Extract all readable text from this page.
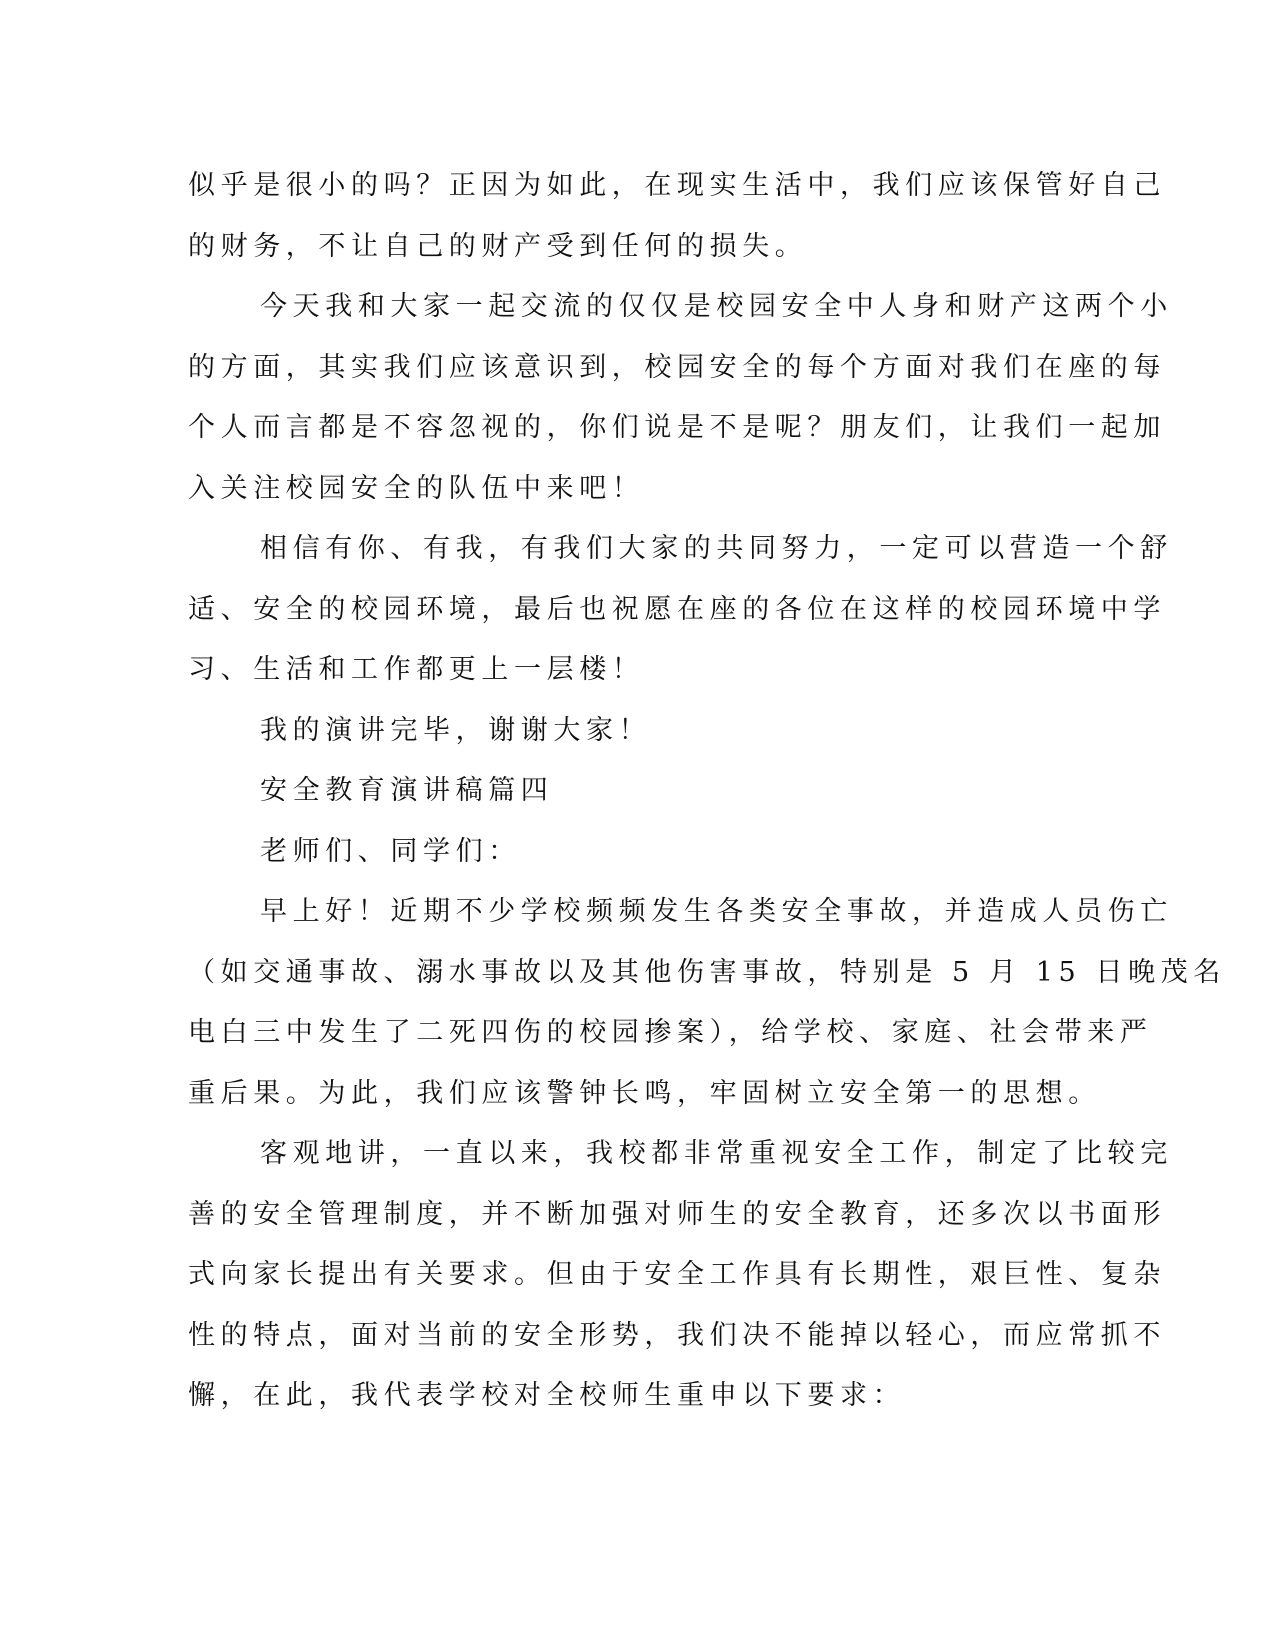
似乎是很小的吗？正因为如此，在现实生活中，我们应该保管好自己
的财务，不让自己的财产受到任何的损失。
今天我和大家一起交流的仅仅是校园安全中人身和财产这两个小
的方面，其实我们应该意识到，校园安全的每个方面对我们在座的每
个人而言都是不容忽视的，你们说是不是呢？朋友们，让我们一起加
入关注校园安全的队伍中来吧！
相信有你、有我，有我们大家的共同努力，一定可以营造一个舒
适、安全的校园环境，最后也祝愿在座的各位在这样的校园环境中学
习、生活和工作都更上一层楼！
我的演讲完毕，谢谢大家！
安全教育演讲稿篇四
老师们、同学们：
早上好！近期不少学校频频发生各类安全事故，并造成人员伤亡
（如交通事故、溺水事故以及其他伤害事故，特别是 5 月 15 日晚茂名
电白三中发生了二死四伤的校园掺案），给学校、家庭、社会带来严
重后果。为此，我们应该警钟长鸣，牢固树立安全第一的思想。
客观地讲，一直以来，我校都非常重视安全工作，制定了比较完
善的安全管理制度，并不断加强对师生的安全教育，还多次以书面形
式向家长提出有关要求。但由于安全工作具有长期性，艰巨性、复杂
性的特点，面对当前的安全形势，我们决不能掉以轻心，而应常抓不
懈，在此，我代表学校对全校师生重申以下要求：
